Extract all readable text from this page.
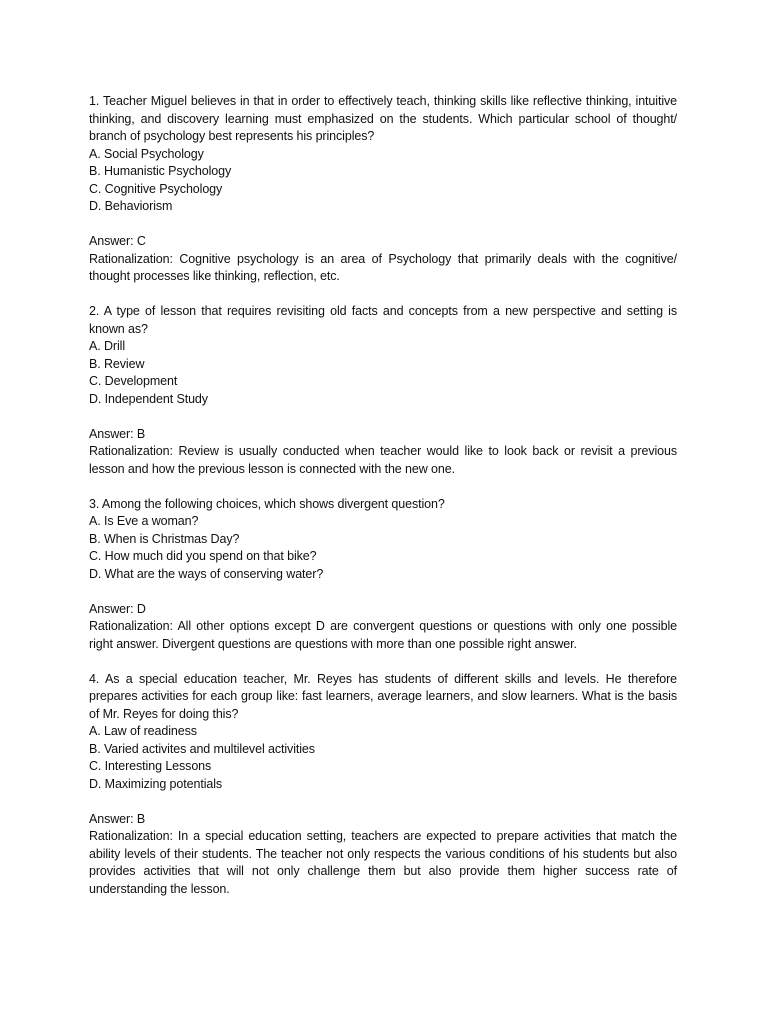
1. Teacher Miguel believes in that in order to effectively teach, thinking skills like reflective thinking, intuitive thinking, and discovery learning must emphasized on the students. Which particular school of thought/ branch of psychology best represents his principles?

A. Social Psychology

B. Humanistic Psychology

C. Cognitive Psychology

D. Behaviorism

Answer: C

Rationalization: Cognitive psychology is an area of Psychology that primarily deals with the cognitive/ thought processes like thinking, reflection, etc.

2. A type of lesson that requires revisiting old facts and concepts from a new perspective and setting is known as?

A. Drill

B. Review

C. Development

D. Independent Study

Answer: B

Rationalization: Review is usually conducted when teacher would like to look back or revisit a previous lesson and how the previous lesson is connected with the new one.

3. Among the following choices, which shows divergent question?

A. Is Eve a woman?

B. When is Christmas Day?

C. How much did you spend on that bike?

D. What are the ways of conserving water?

Answer: D

Rationalization: All other options except D are convergent questions or questions with only one possible right answer. Divergent questions are questions with more than one possible right answer.

4. As a special education teacher, Mr. Reyes has students of different skills and levels. He therefore prepares activities for each group like: fast learners, average learners, and slow learners. What is the basis of Mr. Reyes for doing this?

A. Law of readiness

B. Varied activites and multilevel activities

C. Interesting Lessons

D. Maximizing potentials

Answer: B

Rationalization: In a special education setting, teachers are expected to prepare activities that match the ability levels of their students. The teacher not only respects the various conditions of his students but also provides activities that will not only challenge them but also provide them higher success rate of understanding the lesson.
